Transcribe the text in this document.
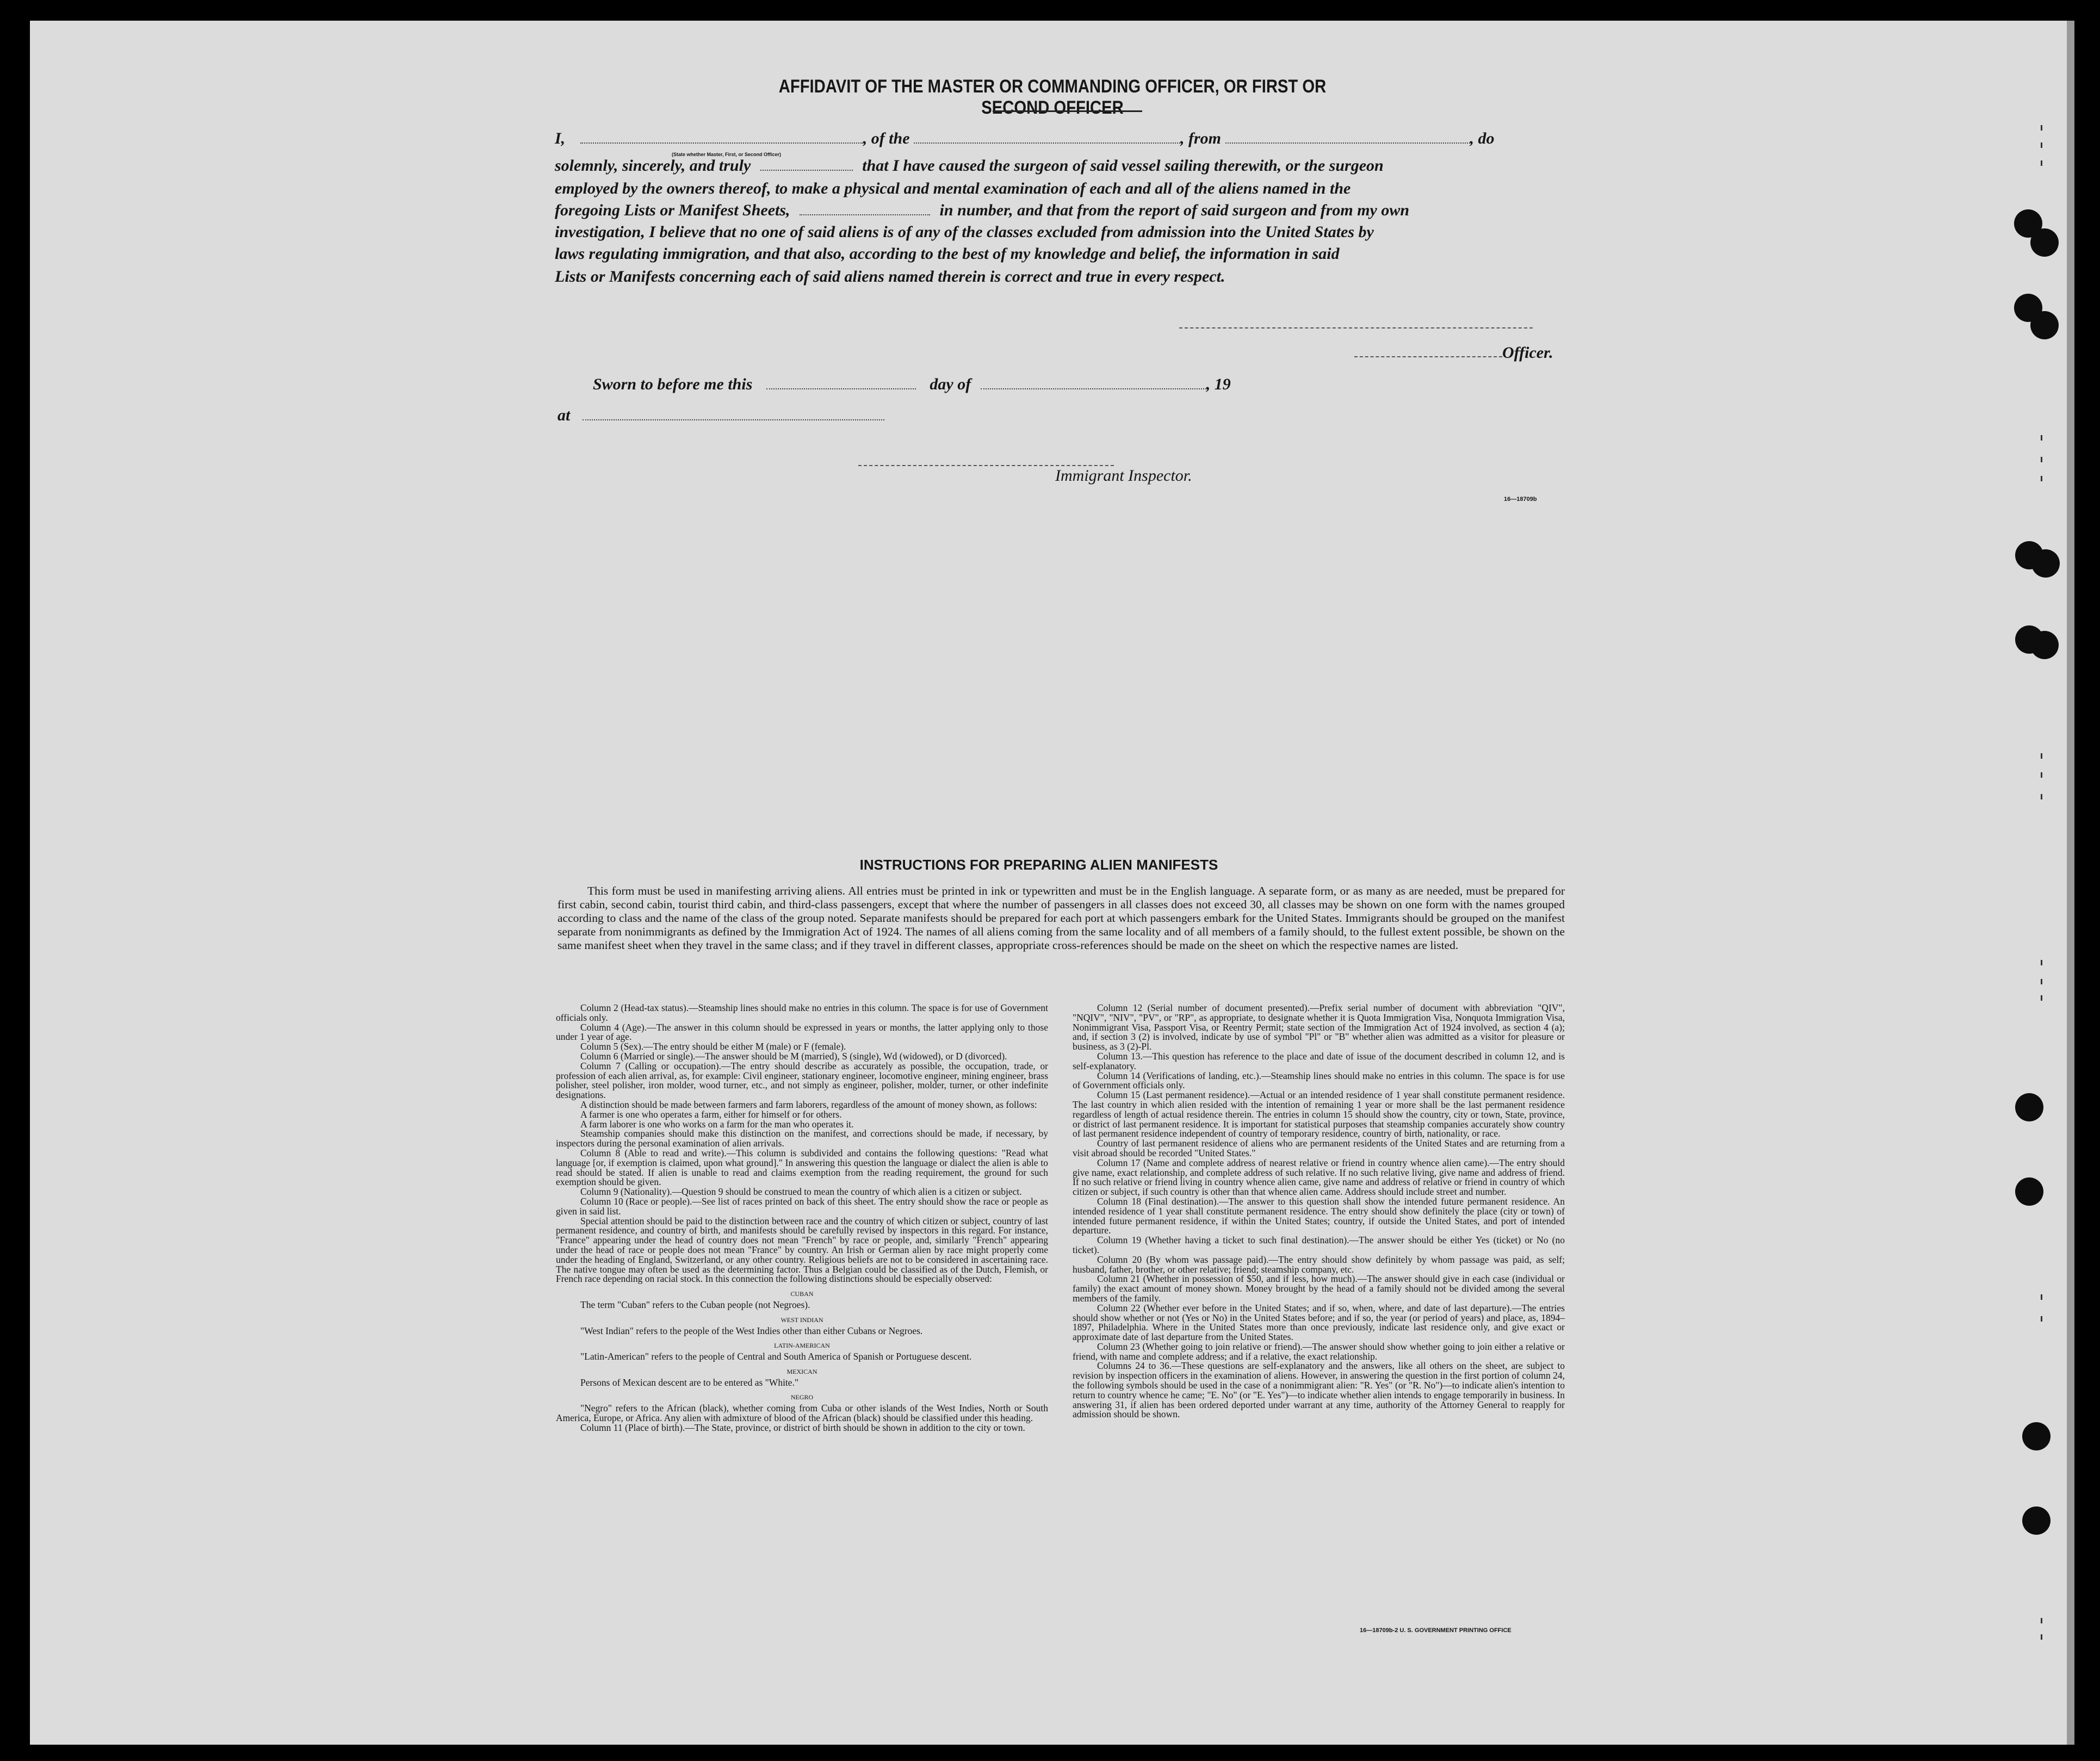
AFFIDAVIT OF THE MASTER OR COMMANDING OFFICER, OR FIRST OR SECOND OFFICER
I,	, of the	, from	, do
(State whether Master, First, or Second Officer)
solemnly, sincerely, and truly	that I have caused the surgeon of said vessel sailing therewith, or the surgeon
employed by the owners thereof, to make a physical and mental examination of each and all of the aliens named in the
foregoing Lists or Manifest Sheets,	in number, and that from the report of said surgeon and from my own
investigation, I believe that no one of said aliens is of any of the classes excluded from admission into the United States by
laws regulating immigration, and that also, according to the best of my knowledge and belief, the information in said
Lists or Manifests concerning each of said aliens named therein is correct and true in every respect.
Officer.
Sworn to before me this	day of	, 19
at
Immigrant Inspector.
16—18709b
INSTRUCTIONS FOR PREPARING ALIEN MANIFESTS
This form must be used in manifesting arriving aliens. All entries must be printed in ink or typewritten and must be in the English language. A separate form, or as many as are needed, must be prepared for first cabin, second cabin, tourist third cabin, and third-class passengers, except that where the number of passengers in all classes does not exceed 30, all classes may be shown on one form with the names grouped according to class and the name of the class of the group noted. Separate manifests should be prepared for each port at which passengers embark for the United States. Immigrants should be grouped on the manifest separate from nonimmigrants as defined by the Immigration Act of 1924. The names of all aliens coming from the same locality and of all members of a family should, to the fullest extent possible, be shown on the same manifest sheet when they travel in the same class; and if they travel in different classes, appropriate cross-references should be made on the sheet on which the respective names are listed.

Column 2 (Head-tax status).—Steamship lines should make no entries in this column. The space is for use of Government officials only.

Column 4 (Age).—The answer in this column should be expressed in years or months, the latter applying only to those under 1 year of age.

Column 5 (Sex).—The entry should be either M (male) or F (female).

Column 6 (Married or single).—The answer should be M (married), S (single), Wd (widowed), or D (divorced).

Column 7 (Calling or occupation).—The entry should describe as accurately as possible, the occupation, trade, or profession of each alien arrival, as, for example: Civil engineer, stationary engineer, locomotive engineer, mining engineer, brass polisher, steel polisher, iron molder, wood turner, etc., and not simply as engineer, polisher, molder, turner, or other indefinite designations.

A distinction should be made between farmers and farm laborers, regardless of the amount of money shown, as follows:

A farmer is one who operates a farm, either for himself or for others.

A farm laborer is one who works on a farm for the man who operates it.

Steamship companies should make this distinction on the manifest, and corrections should be made, if necessary, by inspectors during the personal examination of alien arrivals.

Column 8 (Able to read and write).—This column is subdivided and contains the following questions: "Read what language [or, if exemption is claimed, upon what ground]." In answering this question the language or dialect the alien is able to read should be stated. If alien is unable to read and claims exemption from the reading requirement, the ground for such exemption should be given.

Column 9 (Nationality).—Question 9 should be construed to mean the country of which alien is a citizen or subject.

Column 10 (Race or people).—See list of races printed on back of this sheet. The entry should show the race or people as given in said list.

Special attention should be paid to the distinction between race and the country of which citizen or subject, country of last permanent residence, and country of birth, and manifests should be carefully revised by inspectors in this regard. For instance, "France" appearing under the head of country does not mean "French" by race or people, and, similarly "French" appearing under the head of race or people does not mean "France" by country. An Irish or German alien by race might properly come under the heading of England, Switzerland, or any other country. Religious beliefs are not to be considered in ascertaining race. The native tongue may often be used as the determining factor. Thus a Belgian could be classified as of the Dutch, Flemish, or French race depending on racial stock. In this connection the following distinctions should be especially observed:

CUBAN

The term "Cuban" refers to the Cuban people (not Negroes).

WEST INDIAN

"West Indian" refers to the people of the West Indies other than either Cubans or Negroes.

LATIN-AMERICAN

"Latin-American" refers to the people of Central and South America of Spanish or Portuguese descent.

MEXICAN

Persons of Mexican descent are to be entered as "White."

NEGRO

"Negro" refers to the African (black), whether coming from Cuba or other islands of the West Indies, North or South America, Europe, or Africa. Any alien with admixture of blood of the African (black) should be classified under this heading.

Column 11 (Place of birth).—The State, province, or district of birth should be shown in addition to the city or town.

Column 12 (Serial number of document presented).—Prefix serial number of document with abbreviation "QIV", "NQIV", "NIV", "PV", or "RP", as appropriate, to designate whether it is Quota Immigration Visa, Nonquota Immigration Visa, Nonimmigrant Visa, Passport Visa, or Reentry Permit; state section of the Immigration Act of 1924 involved, as section 4 (a); and, if section 3 (2) is involved, indicate by use of symbol "Pl" or "B" whether alien was admitted as a visitor for pleasure or business, as 3 (2)-Pl.

Column 13.—This question has reference to the place and date of issue of the document described in column 12, and is self-explanatory.

Column 14 (Verifications of landing, etc.).—Steamship lines should make no entries in this column. The space is for use of Government officials only.

Column 15 (Last permanent residence).—Actual or an intended residence of 1 year shall constitute permanent residence. The last country in which alien resided with the intention of remaining 1 year or more shall be the last permanent residence regardless of length of actual residence therein. The entries in column 15 should show the country, city or town, State, province, or district of last permanent residence. It is important for statistical purposes that steamship companies accurately show country of last permanent residence independent of country of temporary residence, country of birth, nationality, or race.

Country of last permanent residence of aliens who are permanent residents of the United States and are returning from a visit abroad should be recorded "United States."

Column 17 (Name and complete address of nearest relative or friend in country whence alien came).—The entry should give name, exact relationship, and complete address of such relative. If no such relative living, give name and address of friend. If no such relative or friend living in country whence alien came, give name and address of relative or friend in country of which citizen or subject, if such country is other than that whence alien came. Address should include street and number.

Column 18 (Final destination).—The answer to this question shall show the intended future permanent residence. An intended residence of 1 year shall constitute permanent residence. The entry should show definitely the place (city or town) of intended future permanent residence, if within the United States; country, if outside the United States, and port of intended departure.

Column 19 (Whether having a ticket to such final destination).—The answer should be either Yes (ticket) or No (no ticket).

Column 20 (By whom was passage paid).—The entry should show definitely by whom passage was paid, as self; husband, father, brother, or other relative; friend; steamship company, etc.

Column 21 (Whether in possession of $50, and if less, how much).—The answer should give in each case (individual or family) the exact amount of money shown. Money brought by the head of a family should not be divided among the several members of the family.

Column 22 (Whether ever before in the United States; and if so, when, where, and date of last departure).—The entries should show whether or not (Yes or No) in the United States before; and if so, the year (or period of years) and place, as, 1894–1897, Philadelphia. Where in the United States more than once previously, indicate last residence only, and give exact or approximate date of last departure from the United States.

Column 23 (Whether going to join relative or friend).—The answer should show whether going to join either a relative or friend, with name and complete address; and if a relative, the exact relationship.

Columns 24 to 36.—These questions are self-explanatory and the answers, like all others on the sheet, are subject to revision by inspection officers in the examination of aliens. However, in answering the question in the first portion of column 24, the following symbols should be used in the case of a nonimmigrant alien: "R. Yes" (or "R. No")—to indicate alien's intention to return to country whence he came; "E. No" (or "E. Yes")—to indicate whether alien intends to engage temporarily in business. In answering 31, if alien has been ordered deported under warrant at any time, authority of the Attorney General to reapply for admission should be shown.

16—18709b-2 U. S. GOVERNMENT PRINTING OFFICE
